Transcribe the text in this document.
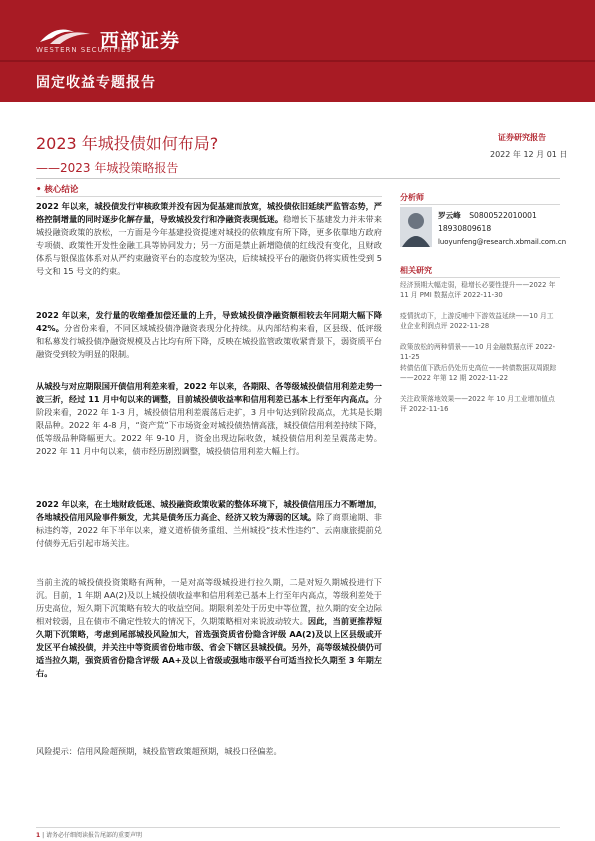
西部证券
WESTERN SECURITIES
固定收益专题报告
2023 年城投债如何布局?
——2023 年城投策略报告
证券研究报告
2022 年 12 月 01 日
• 核心结论
2022 年以来，城投债发行审核政策并没有因为促基建而放宽，城投债依旧延续严监管态势，严格控制增量的同时逐步化解存量，导致城投发行和净融资表现低迷。稳增长下基建发力并未带来城投融资政策的放松，一方面是今年基建投资提速对城投的依赖度有所下降，更多依靠地方政府专项债、政策性开发性金融工具等协同发力；另一方面是禁止新增隐债的红线没有变化，且财政体系与银保监体系对从严约束融资平台的态度较为坚决，后续城投平台的融资仍将实质性受到 5 号文和 15 号文的约束。
2022 年以来，发行量的收缩叠加偿还量的上升，导致城投债净融资额相较去年同期大幅下降 42%。分省份来看，不同区域城投债净融资表现分化持续。从内部结构来看，区县级、低评级和私募发行城投债净融资规模及占比均有所下降，反映在城投监管政策收紧背景下，弱资质平台融资受到较为明显的限制。
从城投与对应期限国开债信用利差来看，2022 年以来，各期限、各等级城投债信用利差走势一波三折，经过 11 月中旬以来的调整，目前城投债收益率和信用利差已基本上行至年内高点。分阶段来看，2022 年 1-3 月，城投债信用利差震荡后走扩，3 月中旬达到阶段高点，尤其是长期限品种。2022 年 4-8 月，“资产荒”下市场资金对城投债热情高涨，城投债信用利差持续下降，低等级品种降幅更大。2022 年 9-10 月，资金出现边际收敛，城投债信用利差呈震荡走势。2022 年 11 月中旬以来，债市经历剧烈调整，城投债信用利差大幅上行。
2022 年以来，在土地财政低迷、城投融资政策收紧的整体环境下，城投债信用压力不断增加，各地城投信用风险事件频发，尤其是债务压力高企、经济又较为薄弱的区域。除了商票逾期、非标违约等，2022 年下半年以来，遵义道桥债务重组、兰州城投“技术性违约”、云南康旅提前兑付债券无后引起市场关注。
当前主流的城投债投资策略有两种，一是对高等级城投进行拉久期，二是对短久期城投进行下沉。目前，1 年期 AA(2)及以上城投债收益率和信用利差已基本上行至年内高点，等级利差处于历史高位，短久期下沉策略有较大的收益空间。期限利差处于历史中等位置，拉久期的安全边际相对较弱，且在债市不确定性较大的情况下，久期策略相对来说波动较大。因此，当前更推荐短久期下沉策略，考虑到尾部城投风险加大，首选强资质省份隐含评级 AA(2)及以上区县级或开发区平台城投债，并关注中等资质省份地市级、省会下辖区县城投债。另外，高等级城投债仍可适当拉久期，强资质省份隐含评级 AA+及以上省级或强地市级平台可适当拉长久期至 3 年期左右。
风险提示：信用风险超预期，城投监管政策超预期，城投口径偏差。
分析师
罗云峰 S0800522010001
18930809618
luoyunfeng@research.xbmail.com.cn
相关研究
经济预期大幅走弱，稳增长必要性提升——2022 年 11 月 PMI 数据点评 2022-11-30
疫情扰动下，上游反哺中下游效益延续——10 月工业企业利润点评 2022-11-28
政策放松的两种情景——10 月金融数据点评 2022-11-25
转债估值下跌后仍处历史高位——转债数据双周跟踪——2022 年第 12 期 2022-11-22
关注政策落地效果——2022 年 10 月工业增加值点评 2022-11-16
1 | 请务必仔细阅读报告尾部的重要声明
